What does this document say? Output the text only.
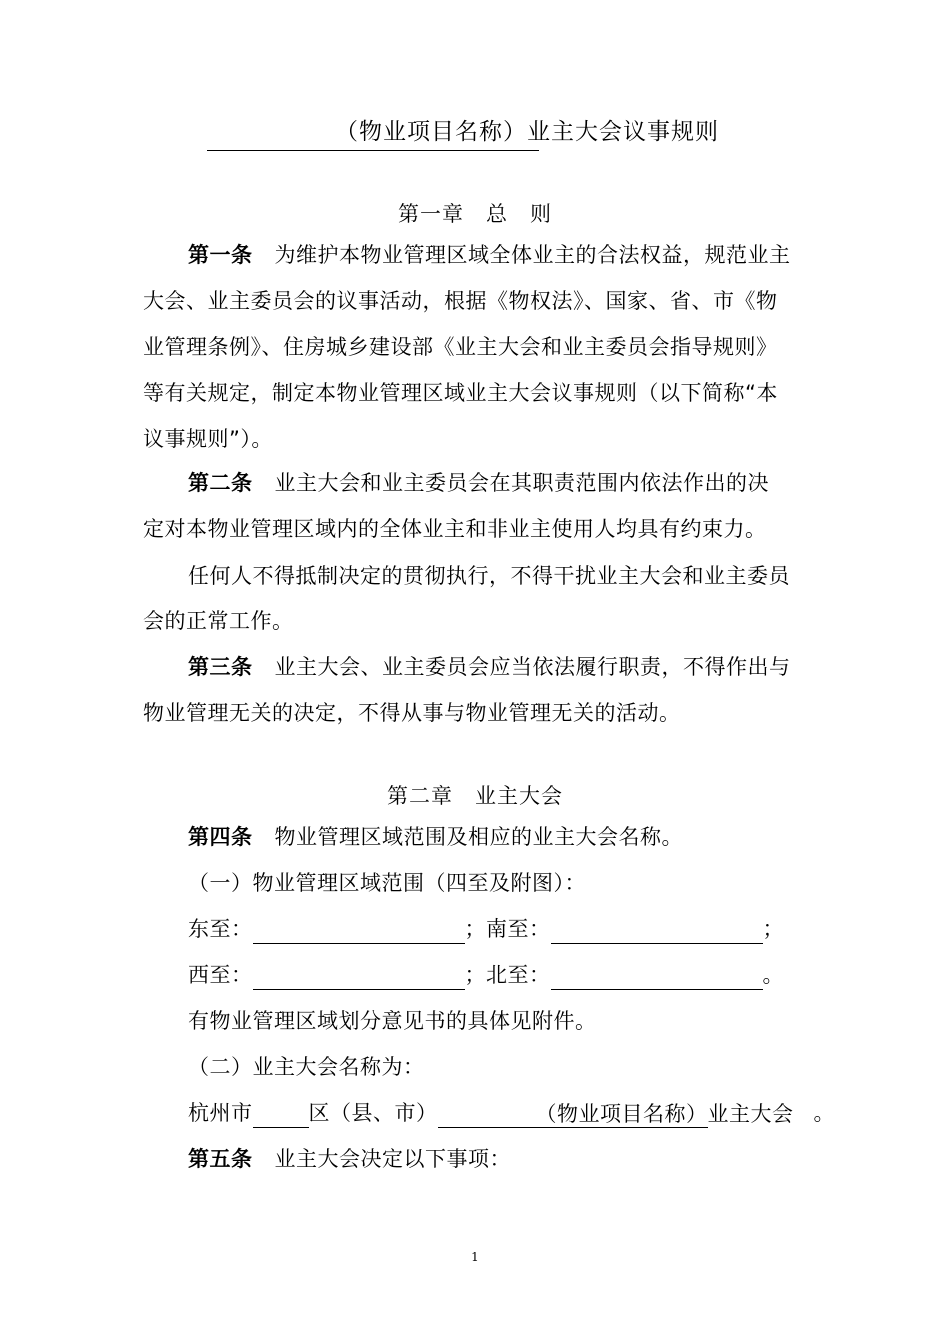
（物业项目名称）业主大会议事规则
第一章　总　则
第一条 为维护本物业管理区域全体业主的合法权益，规范业主
大会、业主委员会的议事活动，根据《物权法》、国家、省、市《物
业管理条例》、住房城乡建设部《业主大会和业主委员会指导规则》
等有关规定，制定本物业管理区域业主大会议事规则（以下简称“本
议事规则”）。
第二条 业主大会和业主委员会在其职责范围内依法作出的决
定对本物业管理区域内的全体业主和非业主使用人均具有约束力。
任何人不得抵制决定的贯彻执行，不得干扰业主大会和业主委员
会的正常工作。
第三条 业主大会、业主委员会应当依法履行职责，不得作出与
物业管理无关的决定，不得从事与物业管理无关的活动。
第二章　业主大会
第四条 物业管理区域范围及相应的业主大会名称。
（一）物业管理区域范围（四至及附图）：
东至：	；南至：	；
西至：	；北至：	。
有物业管理区域划分意见书的具体见附件。
（二）业主大会名称为：
杭州市	区（县、市）	（物业项目名称）业主大会 。
第五条 业主大会决定以下事项：
1
